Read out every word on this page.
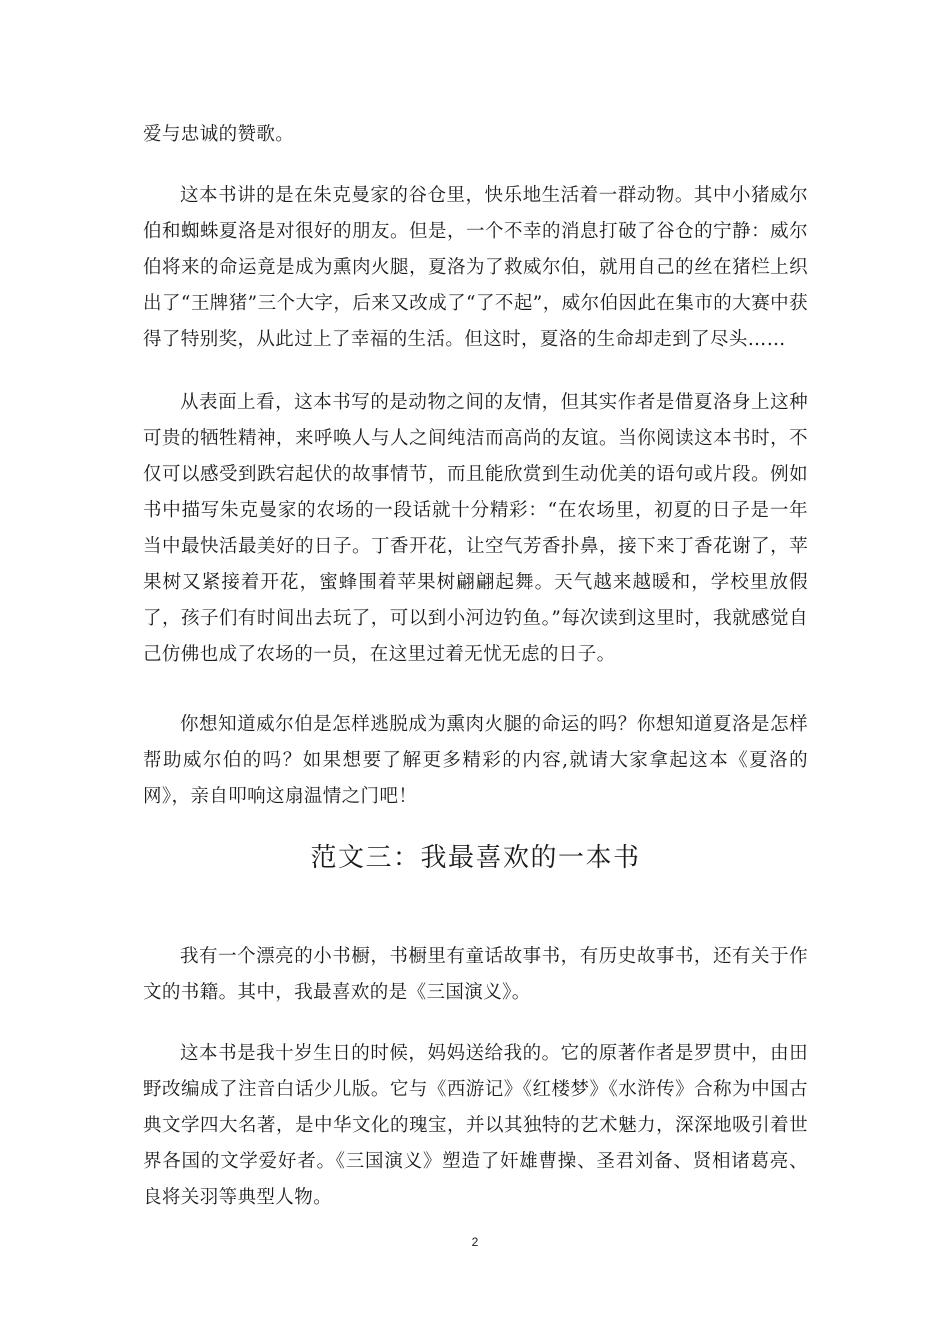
爱与忠诚的赞歌。

这本书讲的是在朱克曼家的谷仓里，快乐地生活着一群动物。其中小猪威尔伯和蜘蛛夏洛是对很好的朋友。但是，一个不幸的消息打破了谷仓的宁静：威尔伯将来的命运竟是成为熏肉火腿，夏洛为了救威尔伯，就用自己的丝在猪栏上织出了“王牌猪”三个大字，后来又改成了“了不起”，威尔伯因此在集市的大赛中获得了特别奖，从此过上了幸福的生活。但这时，夏洛的生命却走到了尽头……

从表面上看，这本书写的是动物之间的友情，但其实作者是借夏洛身上这种可贵的牺牲精神，来呼唤人与人之间纯洁而高尚的友谊。当你阅读这本书时，不仅可以感受到跌宕起伏的故事情节，而且能欣赏到生动优美的语句或片段。例如书中描写朱克曼家的农场的一段话就十分精彩：“在农场里，初夏的日子是一年当中最快活最美好的日子。丁香开花，让空气芳香扑鼻，接下来丁香花谢了，苹果树又紧接着开花，蜜蜂围着苹果树翩翩起舞。天气越来越暖和，学校里放假了，孩子们有时间出去玩了，可以到小河边钓鱼。”每次读到这里时，我就感觉自己仿佛也成了农场的一员，在这里过着无忧无虑的日子。

你想知道威尔伯是怎样逃脱成为熏肉火腿的命运的吗？你想知道夏洛是怎样帮助威尔伯的吗？如果想要了解更多精彩的内容,就请大家拿起这本《夏洛的网》，亲自叩响这扇温情之门吧！

范文三：我最喜欢的一本书

我有一个漂亮的小书橱，书橱里有童话故事书，有历史故事书，还有关于作文的书籍。其中，我最喜欢的是《三国演义》。

这本书是我十岁生日的时候，妈妈送给我的。它的原著作者是罗贯中，由田野改编成了注音白话少儿版。它与《西游记》《红楼梦》《水浒传》合称为中国古典文学四大名著，是中华文化的瑰宝，并以其独特的艺术魅力，深深地吸引着世界各国的文学爱好者。《三国演义》塑造了奸雄曹操、圣君刘备、贤相诸葛亮、良将关羽等典型人物。

2
